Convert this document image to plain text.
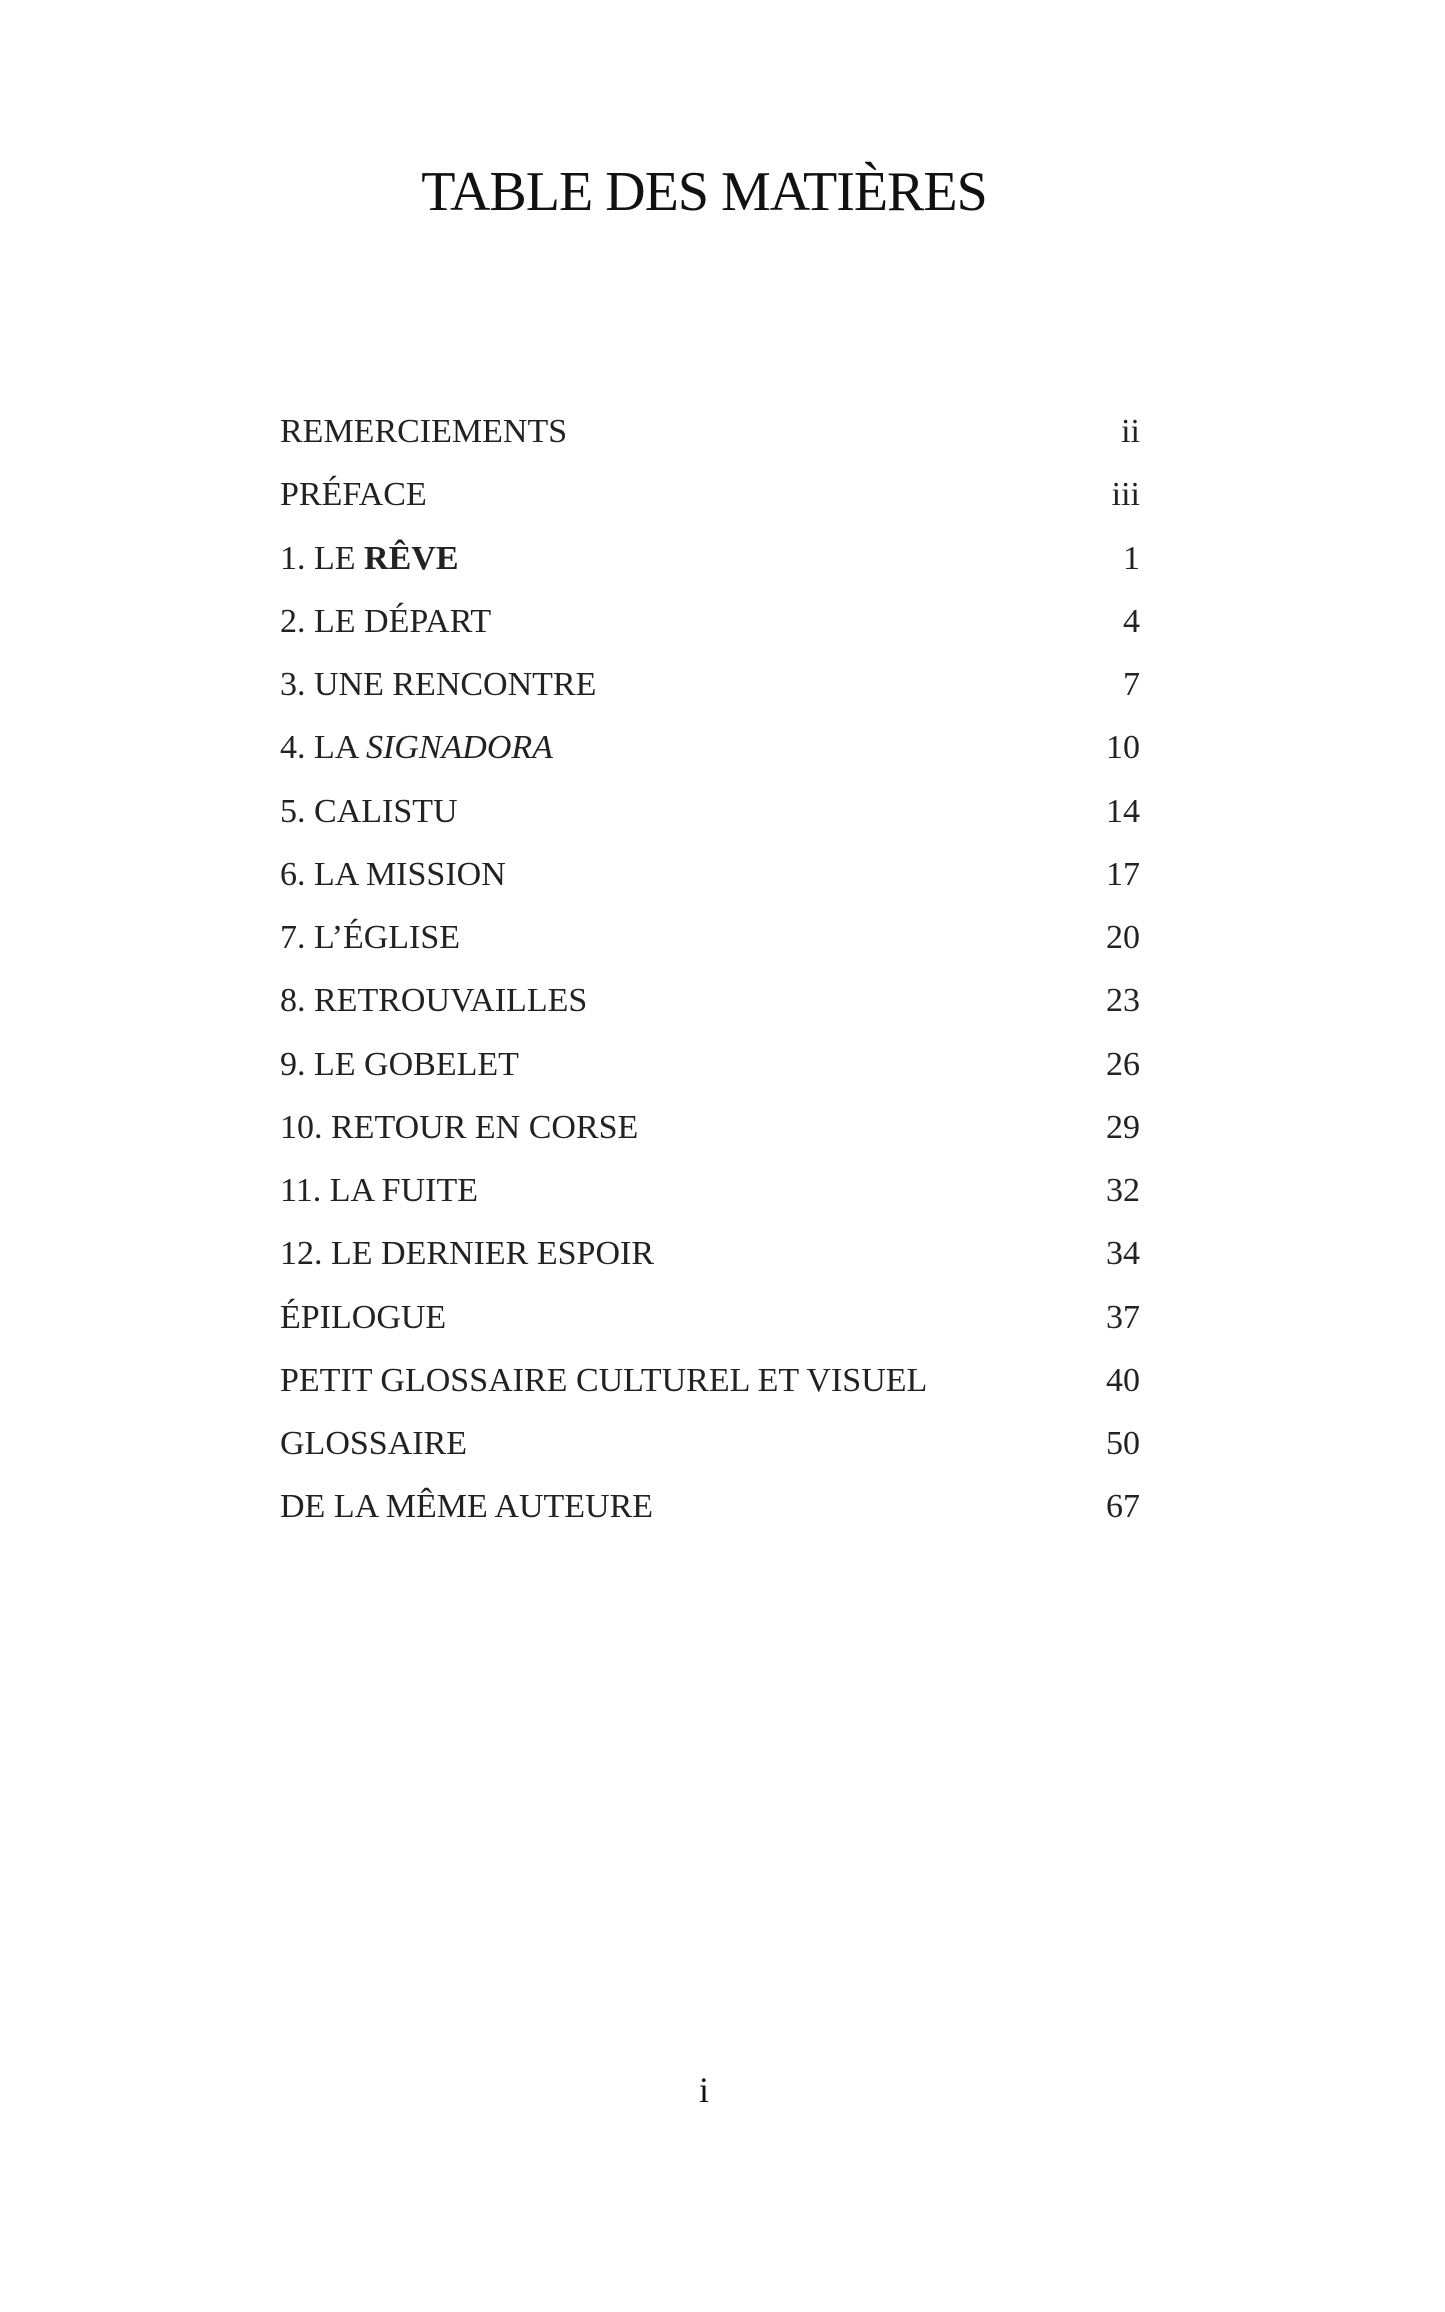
TABLE DES MATIÈRES
REMERCIEMENTS	ii
PRÉFACE	iii
1. LE RÊVE	1
2. LE DÉPART	4
3. UNE RENCONTRE	7
4. LA SIGNADORA	10
5. CALISTU	14
6. LA MISSION	17
7. L’ÉGLISE	20
8. RETROUVAILLES	23
9. LE GOBELET	26
10. RETOUR EN CORSE	29
11. LA FUITE	32
12. LE DERNIER ESPOIR	34
ÉPILOGUE	37
PETIT GLOSSAIRE CULTUREL ET VISUEL	40
GLOSSAIRE	50
DE LA MÊME AUTEURE	67

i
